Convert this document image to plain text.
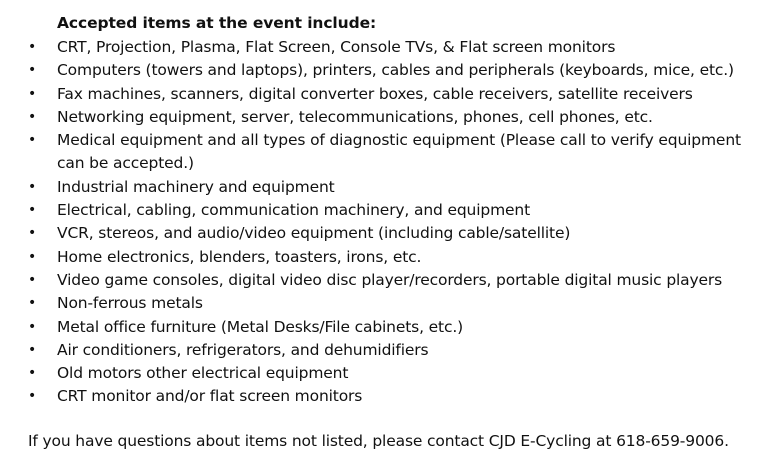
Accepted items at the event include:
• CRT, Projection, Plasma, Flat Screen, Console TVs, & Flat screen monitors
• Computers (towers and laptops), printers, cables and peripherals (keyboards, mice, etc.)
• Fax machines, scanners, digital converter boxes, cable receivers, satellite receivers
• Networking equipment, server, telecommunications, phones, cell phones, etc.
• Medical equipment and all types of diagnostic equipment (Please call to verify equipment can be accepted.)
• Industrial machinery and equipment
• Electrical, cabling, communication machinery, and equipment
• VCR, stereos, and audio/video equipment (including cable/satellite)
• Home electronics, blenders, toasters, irons, etc.
• Video game consoles, digital video disc player/recorders, portable digital music players
• Non-ferrous metals
• Metal office furniture (Metal Desks/File cabinets, etc.)
• Air conditioners, refrigerators, and dehumidifiers
• Old motors other electrical equipment
• CRT monitor and/or flat screen monitors
If you have questions about items not listed, please contact CJD E-Cycling at 618-659-9006.
